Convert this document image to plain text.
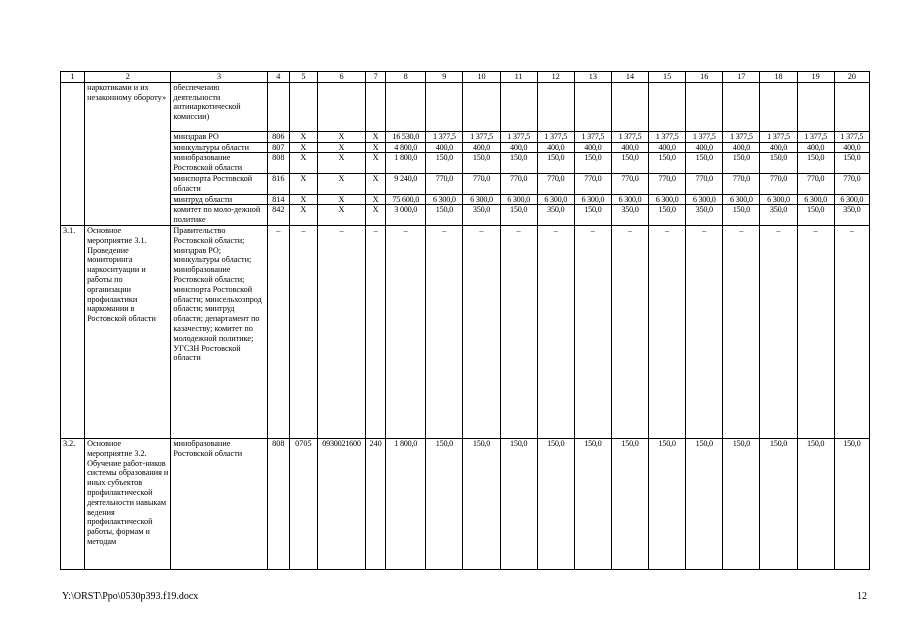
1	2	3	4	5	6	7	8	9	10	11	12	13	14	15	16	17	18	19	20
	наркотиками и их незаконному обороту»	обеспечению деятельности антинаркотической комиссии)																	
		минздрав РО	806	X	X	X	16 530,0	1 377,5	1 377,5	1 377,5	1 377,5	1 377,5	1 377,5	1 377,5	1 377,5	1 377,5	1 377,5	1 377,5	1 377,5
		минкультуры области	807	X	X	X	4 800,0	400,0	400,0	400,0	400,0	400,0	400,0	400,0	400,0	400,0	400,0	400,0	400,0
		минобразование Ростовской области	808	X	X	X	1 800,0	150,0	150,0	150,0	150,0	150,0	150,0	150,0	150,0	150,0	150,0	150,0	150,0
		минспорта Ростовской области	816	X	X	X	9 240,0	770,0	770,0	770,0	770,0	770,0	770,0	770,0	770,0	770,0	770,0	770,0	770,0
		минтруд области	814	X	X	X	75 600,0	6 300,0	6 300,0	6 300,0	6 300,0	6 300,0	6 300,0	6 300,0	6 300,0	6 300,0	6 300,0	6 300,0	6 300,0
		комитет по моло-дежной политике	842	X	X	X	3 000,0	150,0	350,0	150,0	350,0	150,0	350,0	150,0	350,0	150,0	350,0	150,0	350,0
3.1.	Основное мероприятие 3.1. Проведение мониторинга наркоситуации и работы по организации профилактики наркомании в Ростовской области	Правительство Ростовской области; минздрав РО; минкультуры области; минобразование Ростовской области; минспорта Ростовской области; минсельхозпрод области; минтруд области; департамент по казачеству; комитет по молодежной политике; УГСЗН Ростовской области	–	–	–	–	–	–	–	–	–	–	–	–	–	–	–	–	–
3.2.	Основное мероприятие 3.2. Обучение работ-ников системы образования и иных субъектов профилактической деятельности навыкам ведения профилактической работы, формам и методам	минобразование Ростовской области	808	0705	0930021600	240	1 800,0	150,0	150,0	150,0	150,0	150,0	150,0	150,0	150,0	150,0	150,0	150,0	150,0
Y:\ORST\Ppo\0530p393.f19.docx	12
